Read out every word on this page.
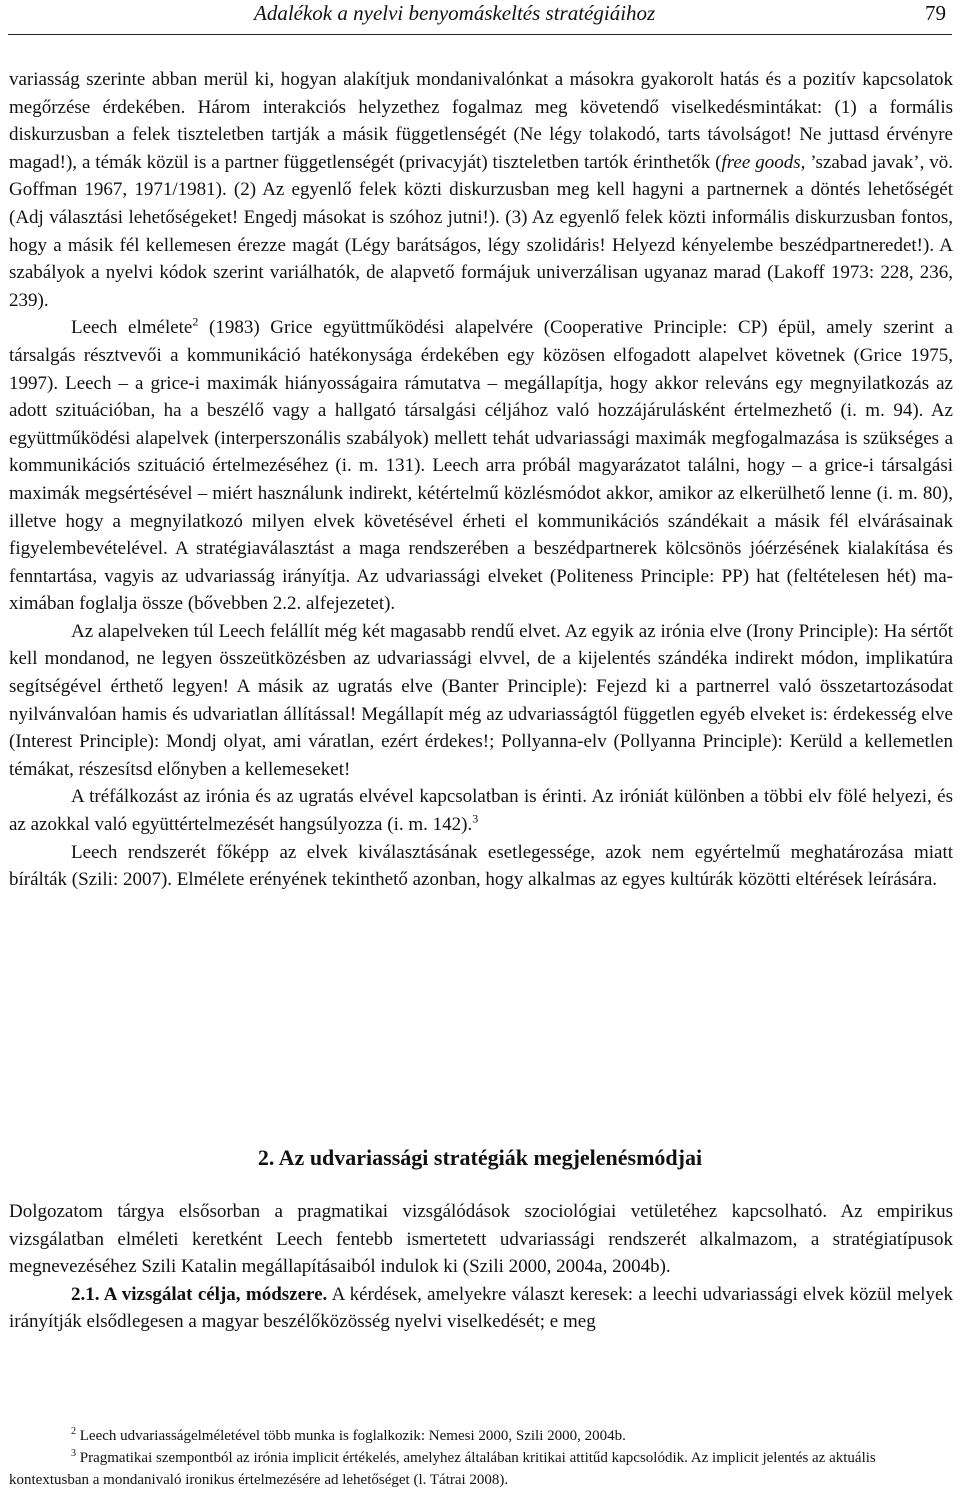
Adalékok a nyelvi benyomáskeltés stratégiáihoz	79

variasság szerinte abban merül ki, hogyan alakítjuk mondanivalónkat a másokra gyakorolt hatás és a pozitív kapcsolatok megőrzése érdekében. Három interakciós helyzethez fogalmaz meg követendő viselkedésmintákat: (1) a formális diskurzusban a felek tiszteletben tartják a másik függetlenségét (Ne légy tolakodó, tarts távolságot! Ne juttasd érvényre magad!), a témák közül is a partner függetlenségét (privacyját) tiszteletben tartók érinthetők (free goods, ’szabad javak’, vö. Goffman 1967, 1971/1981). (2) Az egyenlő felek közti diskurzusban meg kell hagyni a partnernek a döntés lehetőségét (Adj választási lehetőségeket! Engedj másokat is szóhoz jutni!). (3) Az egyenlő felek közti informális diskurzusban fontos, hogy a másik fél kellemesen érezze magát (Légy barátságos, légy szolidáris! Helyezd kényelembe beszédpartneredet!). A szabályok a nyelvi kódok szerint variálhatók, de alapvető formájuk univerzálisan ugyanaz marad (Lakoff 1973: 228, 236, 239).

Leech elmélete$^2$ (1983) Grice együttműködési alapelvére (Cooperative Principle: CP) épül, amely szerint a társalgás résztvevői a kommunikáció hatékonysága érdekében egy közösen elfogadott alapelvet követnek (Grice 1975, 1997). Leech – a grice-i maximák hiányosságaira rámutatva – megállapítja, hogy akkor releváns egy megnyilatkozás az adott szituációban, ha a beszélő vagy a hallgató társalgási céljához való hozzájárulásként értelmezhető (i. m. 94). Az együttműködési alapelvek (interperszonális szabályok) mellett tehát udvariassági maximák megfogalmazása is szükséges a kommunikációs szituáció értelmezéséhez (i. m. 131). Leech arra próbál magyarázatot találni, hogy – a grice-i társalgási maximák megsértésével – miért használunk indirekt, kétértelmű közlésmódot akkor, amikor az elkerülhető lenne (i. m. 80), illetve hogy a megnyilatkozó milyen elvek követésével érheti el kommunikációs szándékait a másik fél elvárásainak figyelembevételével. A stratégiaválasztást a maga rendszerében a beszédpartnerek kölcsönös jóérzésének kialakítása és fenntartása, vagyis az udvariasság irányítja. Az udvariassági elveket (Politeness Principle: PP) hat (feltételesen hét) maximában foglalja össze (bővebben 2.2. alfejezetet).

Az alapelveken túl Leech felállít még két magasabb rendű elvet. Az egyik az irónia elve (Irony Principle): Ha sértőt kell mondanod, ne legyen összeütközésben az udvariassági elvvel, de a kijelentés szándéka indirekt módon, implikatúra segítségével érthető legyen! A másik az ugratás elve (Banter Principle): Fejezd ki a partnerrel való összetartozásodat nyilvánvalóan hamis és udvariatlan állítással! Megállapít még az udvariasságtól független egyéb elveket is: érdekesség elve (Interest Principle): Mondj olyat, ami váratlan, ezért érdekes!; Pollyanna-elv (Pollyanna Principle): Kerüld a kellemetlen témákat, részesítsd előnyben a kellemeseket!

A tréfálkozást az irónia és az ugratás elvével kapcsolatban is érinti. Az iróniát különben a többi elv fölé helyezi, és az azokkal való együttértelmezését hangsúlyozza (i. m. 142).$^3$

Leech rendszerét főképp az elvek kiválasztásának esetlegessége, azok nem egyértelmű meghatározása miatt bírálták (Szili: 2007). Elmélete erényének tekinthető azonban, hogy alkalmas az egyes kultúrák közötti eltérések leírására.

2. Az udvariassági stratégiák megjelenésmódjai

Dolgozatom tárgya elsősorban a pragmatikai vizsgálódások szociológiai vetületéhez kapcsolható. Az empirikus vizsgálatban elméleti keretként Leech fentebb ismertetett udvariassági rendszerét alkalmazom, a stratégiatípusok megnevezéséhez Szili Katalin megállapításaiból indulok ki (Szili 2000, 2004a, 2004b).

2.1. A vizsgálat célja, módszere. A kérdések, amelyekre választ keresek: a leechi udvariassági elvek közül melyek irányítják elsődlegesen a magyar beszélőközösség nyelvi viselkedését; e meg

$^2$ Leech udvariasságelméletével több munka is foglalkozik: Nemesi 2000, Szili 2000, 2004b.

$^3$ Pragmatikai szempontból az irónia implicit értékelés, amelyhez általában kritikai attitűd kapcsolódik. Az implicit jelentés az aktuális kontextusban a mondanivaló ironikus értelmezésére ad lehetőséget (l. Tátrai 2008).
